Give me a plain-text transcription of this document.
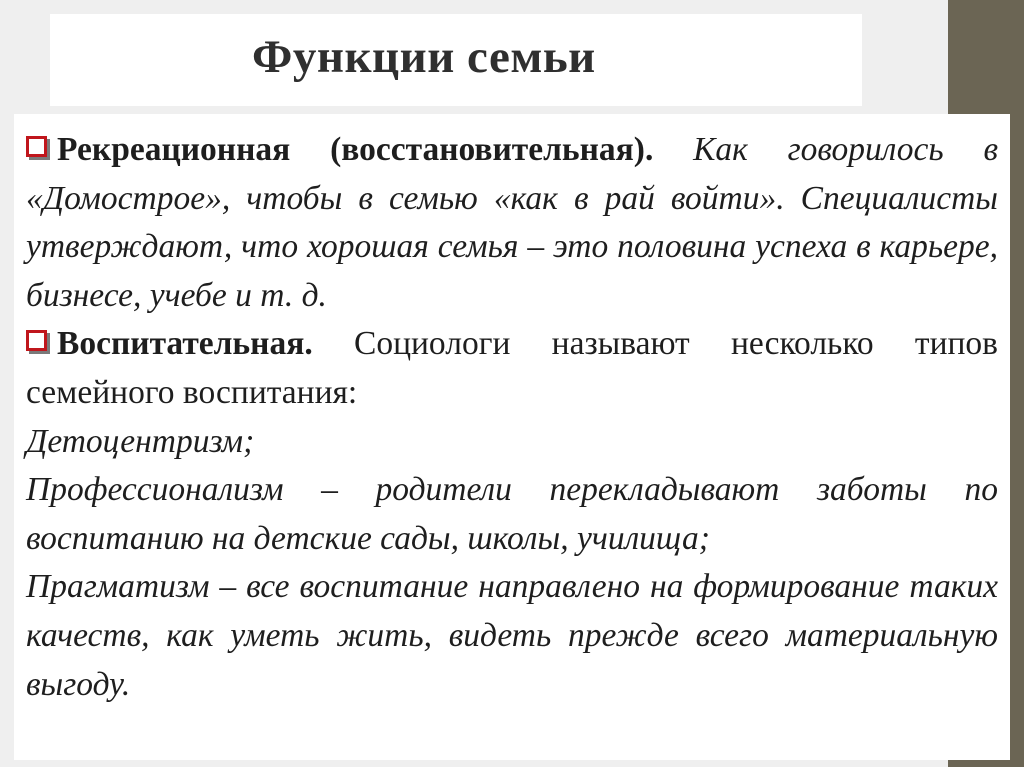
Функции семьи

Рекреационная (восстановительная). Как говорилось в «Домострое», чтобы в семью «как в рай войти». Специалисты утверждают, что хорошая семья – это половина успеха в карьере, бизнесе, учебе и т. д.

Воспитательная. Социологи называют несколько типов семейного воспитания:

Детоцентризм;

Профессионализм – родители перекладывают заботы по воспитанию на детские сады, школы, училища;

Прагматизм – все воспитание направлено на формирование таких качеств, как уметь жить, видеть прежде всего материальную выгоду.
